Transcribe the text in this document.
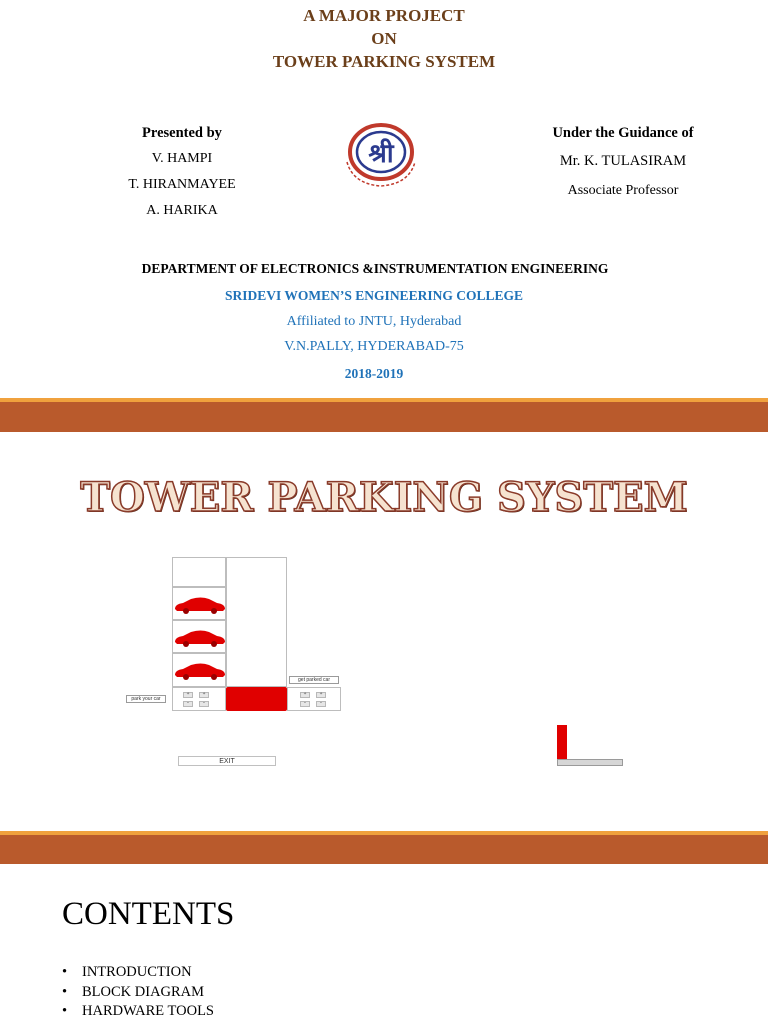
A MAJOR PROJECT
ON
TOWER PARKING SYSTEM
Presented by
V. HAMPI
T. HIRANMAYEE
A. HARIKA
श्री
Under the Guidance of
Mr. K. TULASIRAM
Associate Professor
DEPARTMENT OF ELECTRONICS &INSTRUMENTATION ENGINEERING
SRIDEVI WOMEN’S ENGINEERING COLLEGE
Affiliated to JNTU, Hyderabad
V.N.PALLY, HYDERABAD-75
2018-2019
TOWER PARKING SYSTEM
+	+
-	-
+	+
-	-
park your car
get parked car
EXIT
CONTENTS
• INTRODUCTION
• BLOCK DIAGRAM
• HARDWARE TOOLS
